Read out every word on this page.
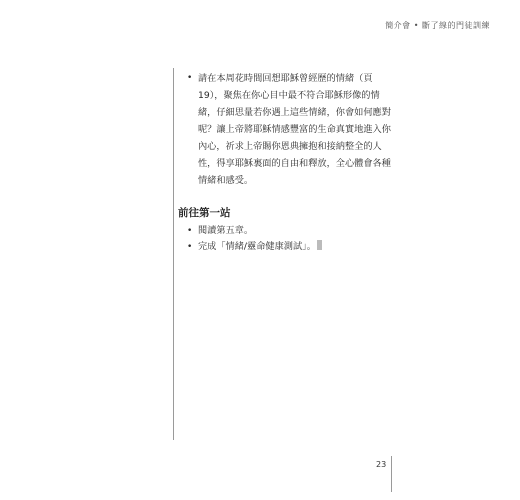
簡介會 • 斷了線的門徒訓練
• 請在本周花時間回想耶穌曾經歷的情緒（頁19），聚焦在你心目中最不符合耶穌形像的情緒，仔細思量若你遇上這些情緒，你會如何應對呢？讓上帝將耶穌情感豐富的生命真實地進入你內心，祈求上帝賜你恩典擁抱和接納整全的人性，得享耶穌裏面的自由和釋放，全心體會各種情緒和感受。
前往第一站
• 閱讀第五章。
• 完成「情緒/靈命健康測試」。
23
